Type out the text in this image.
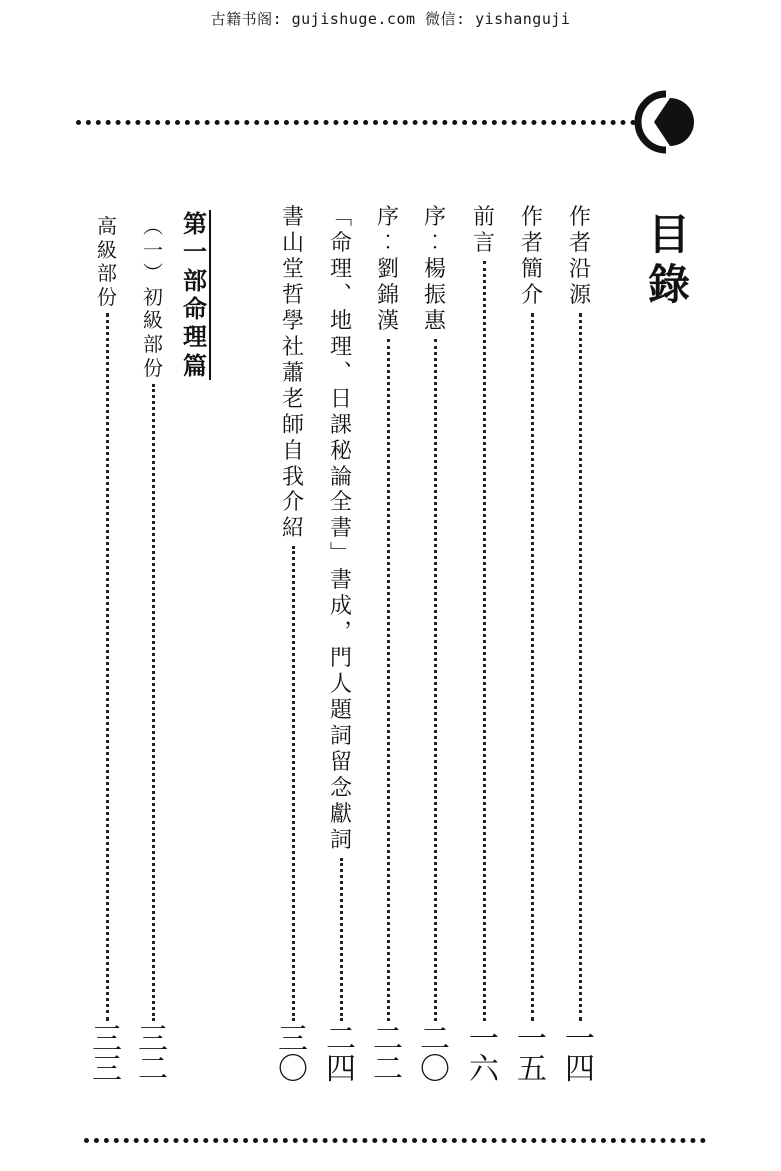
古籍书阁: gujishuge.com 微信: yishanguji
目
錄
作
者
沿
源
一
四
作
者
簡
介
一
五
前
言
一
六
序
︰
楊
振
惠
二
〇
序
︰
劉
錦
漢
二
二
﹁
命
理
︑
地
理
︑
日
課
秘
論
全
書
﹂
書
成
︐
門
人
題
詞
留
念
獻
詞
二
四
書
山
堂
哲
學
社
蕭
老
師
自
我
介
紹
三
〇
第
一
部
命
理
篇
︵
一
︶
初
級
部
份
三
二
高
級
部
份
三
三
